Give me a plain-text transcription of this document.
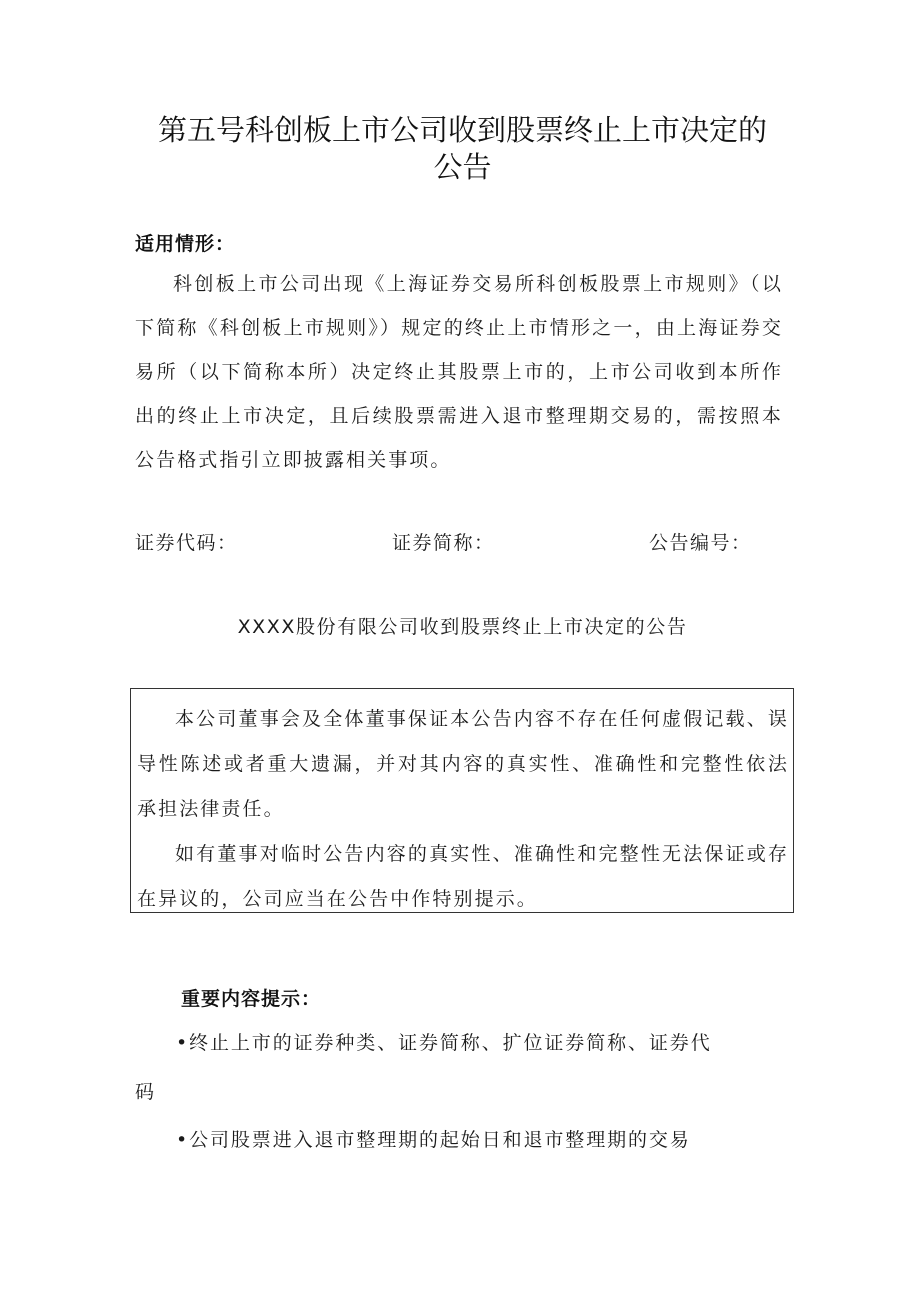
第五号科创板上市公司收到股票终止上市决定的公告
适用情形：

科创板上市公司出现《上海证券交易所科创板股票上市规则》（以下简称《科创板上市规则》）规定的终止上市情形之一，由上海证券交易所（以下简称本所）决定终止其股票上市的，上市公司收到本所作出的终止上市决定，且后续股票需进入退市整理期交易的，需按照本公告格式指引立即披露相关事项。

证券代码：	证券简称：	公告编号：
XXXX股份有限公司收到股票终止上市决定的公告

本公司董事会及全体董事保证本公告内容不存在任何虚假记载、误导性陈述或者重大遗漏，并对其内容的真实性、准确性和完整性依法承担法律责任。

如有董事对临时公告内容的真实性、准确性和完整性无法保证或存在异议的，公司应当在公告中作特别提示。

重要内容提示：
•终止上市的证券种类、证券简称、扩位证券简称、证券代
码
•公司股票进入退市整理期的起始日和退市整理期的交易
